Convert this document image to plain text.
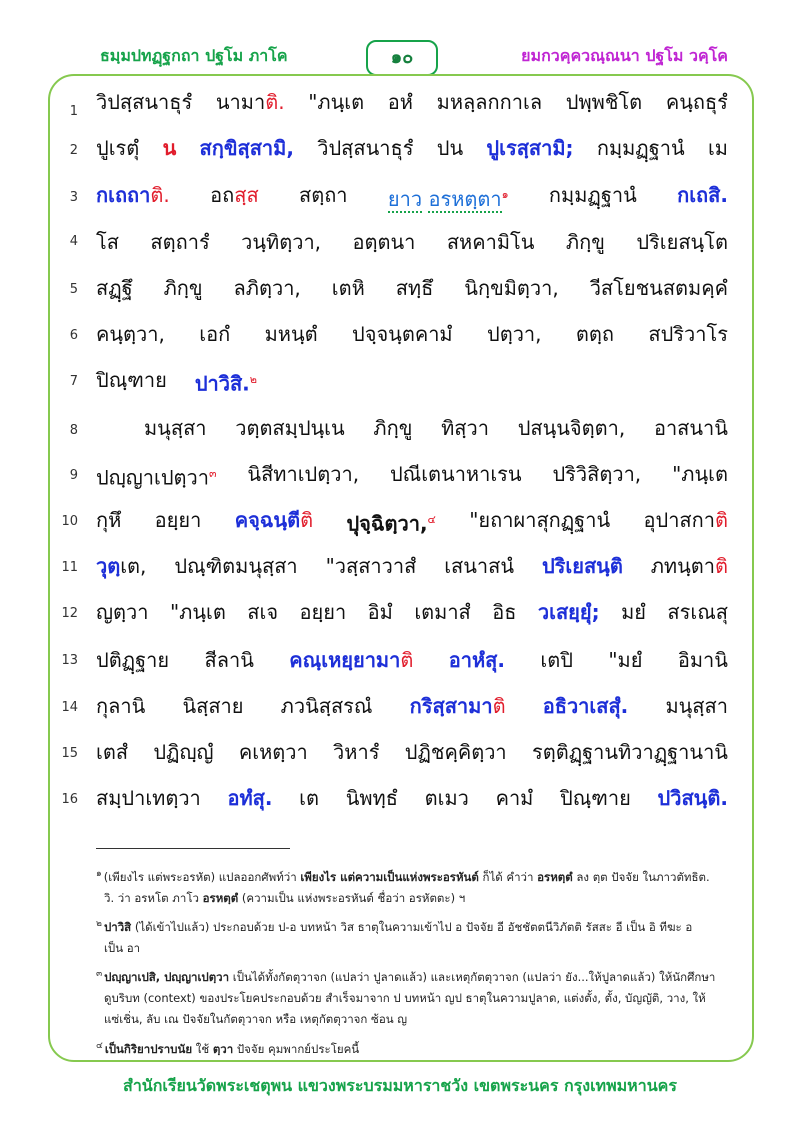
ธมฺมปทฏฺฐกถา ปฐโม ภาโค	๑๐	ยมกวคฺควณฺณนา ปฐโม วคฺโค
1
2
3
4
5
6
7
8
9
10
11
12
13
14
15
16
วิปสฺสนาธุรํ นามาติ. "ภนฺเต อหํ มหลฺลกกาเล ปพฺพชิโต คนฺถธุรํ
ปูเรตุํ น สกฺขิสฺสามิ, วิปสฺสนาธุรํ ปน ปูเรสฺสามิ; กมฺมฏฺฐานํ เม
กเถถาติ. อถสฺส สตฺถา ยาว อรหตฺตา$^๑$ กมฺมฏฺฐานํ กเถสิ.
โส สตฺถารํ วนฺทิตฺวา, อตฺตนา สหคามิโน ภิกฺขู ปริเยสนฺโต
สฏฺฐึ ภิกฺขู ลภิตฺวา, เตหิ สทฺธึ นิกฺขมิตฺวา, วีสโยชนสตมคฺคํ
คนฺตฺวา, เอกํ มหนฺตํ ปจฺจนฺตคามํ ปตฺวา, ตตฺถ สปริวาโร
ปิณฺฑาย ปาวิสิ.$^๒$
มนุสฺสา วตฺตสมฺปนฺเน ภิกฺขู ทิสฺวา ปสนฺนจิตฺตา, อาสนานิ
ปญฺญาเปตฺวา$^๓$ นิสีทาเปตฺวา, ปณีเตนาหาเรน ปริวิสิตฺวา, "ภนฺเต
กุหึ อยฺยา คจฺฉนฺตีติ ปุจฺฉิตฺวา,$^๔$ "ยถาผาสุกฏฺฐานํ อุปาสกาติ
วุตฺเต, ปณฺฑิตมนุสฺสา "วสฺสาวาสํ เสนาสนํ ปริเยสนฺติ ภทนฺตาติ
ญตฺวา "ภนฺเต สเจ อยฺยา อิมํ เตมาสํ อิธ วเสยฺยุํ; มยํ สรเณสุ
ปติฏฺฐาย สีลานิ คณฺเหยฺยามาติ อาหํสุ. เตปิ "มยํ อิมานิ
กุลานิ นิสฺสาย ภวนิสฺสรณํ กริสฺสามาติ อธิวาเสสุํ. มนุสฺสา
เตสํ ปฏิญฺญํ คเหตฺวา วิหารํ ปฏิชคฺคิตฺวา รตฺติฏฺฐานทิวาฏฺฐานานิ
สมฺปาเทตฺวา อทํสุ. เต นิพทฺธํ ตเมว คามํ ปิณฺฑาย ปวิสนฺติ.
$^๑$ (เพียงไร แต่พระอรหัต) แปลออกศัพท์ว่า เพียงไร แต่ความเป็นแห่งพระอรหันต์ ก็ได้ คำว่า อรหตฺตํ ลง ตฺต ปัจจัย ในภาวตัทธิต.
วิ. ว่า อรหโต ภาโว อรหตฺตํ (ความเป็น แห่งพระอรหันต์ ชื่อว่า อรหัตตะ) ฯ
$^๒$ ปาวิสิ (ได้เข้าไปแล้ว) ประกอบด้วย ป-อ บทหน้า วิส ธาตุในความเข้าไป อ ปัจจัย อี อัชชัตตนีวิภัตติ รัสสะ อี เป็น อิ ทีฆะ อ
เป็น อา
$^๓$ ปญฺญาเปสิ, ปญฺญาเปตฺวา เป็นได้ทั้งกัตตุวาจก (แปลว่า ปูลาดแล้ว) และเหตุกัตตุวาจก (แปลว่า ยัง...ให้ปูลาดแล้ว) ให้นักศึกษา
ดูบริบท (context) ของประโยคประกอบด้วย สำเร็จมาจาก ป บทหน้า ญป ธาตุในความปูลาด, แต่งตั้ง, ตั้ง, บัญญัติ, วาง, ให้
แซ่เชิ่น, ลับ เณ ปัจจัยในกัตตุวาจก หรือ เหตุกัตตุวาจก ซ้อน ญ
$^๔$ เป็นกิริยาปราบนัย ใช้ ตฺวา ปัจจัย คุมพากย์ประโยคนี้
สำนักเรียนวัดพระเชตุพน แขวงพระบรมมหาราชวัง เขตพระนคร กรุงเทพมหานคร
